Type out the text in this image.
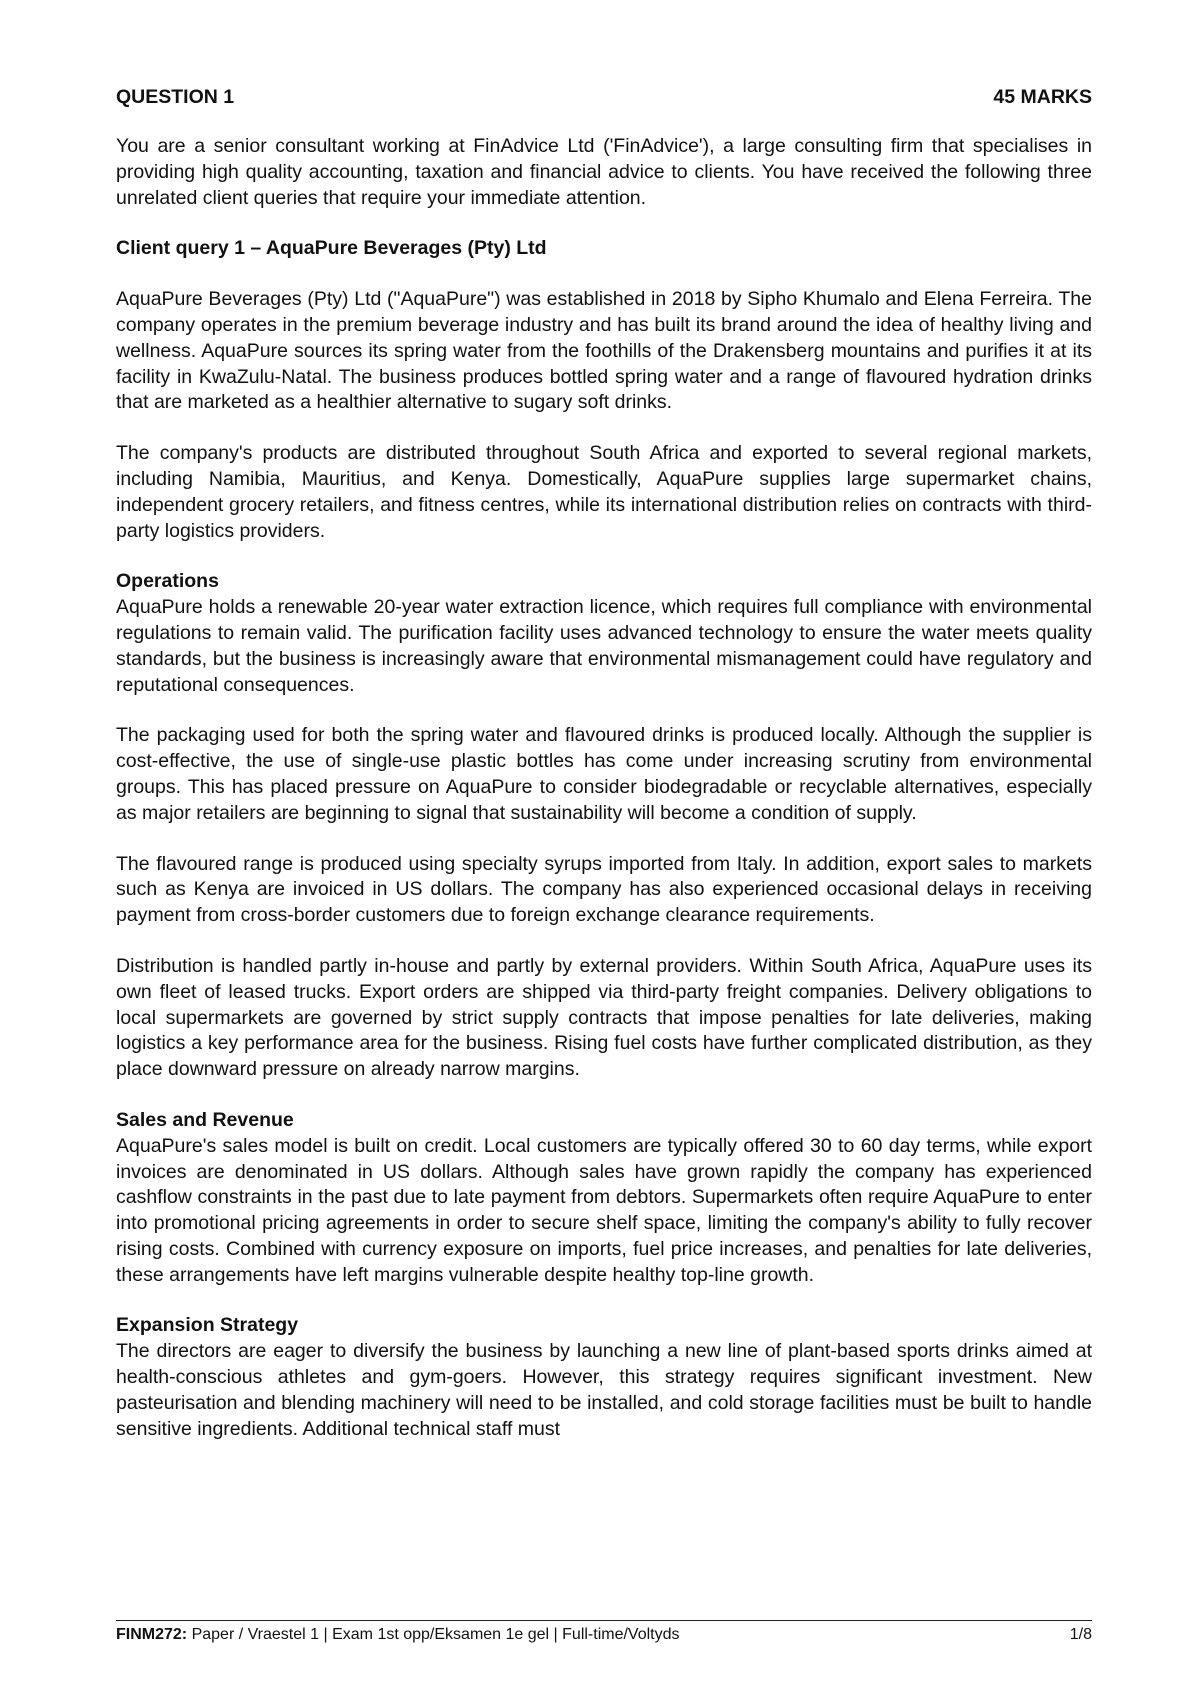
QUESTION 1	45 MARKS

You are a senior consultant working at FinAdvice Ltd ('FinAdvice'), a large consulting firm that specialises in providing high quality accounting, taxation and financial advice to clients. You have received the following three unrelated client queries that require your immediate attention.

Client query 1 – AquaPure Beverages (Pty) Ltd

AquaPure Beverages (Pty) Ltd ("AquaPure") was established in 2018 by Sipho Khumalo and Elena Ferreira. The company operates in the premium beverage industry and has built its brand around the idea of healthy living and wellness. AquaPure sources its spring water from the foothills of the Drakensberg mountains and purifies it at its facility in KwaZulu-Natal. The business produces bottled spring water and a range of flavoured hydration drinks that are marketed as a healthier alternative to sugary soft drinks.

The company's products are distributed throughout South Africa and exported to several regional markets, including Namibia, Mauritius, and Kenya. Domestically, AquaPure supplies large supermarket chains, independent grocery retailers, and fitness centres, while its international distribution relies on contracts with third-party logistics providers.

Operations

AquaPure holds a renewable 20-year water extraction licence, which requires full compliance with environmental regulations to remain valid. The purification facility uses advanced technology to ensure the water meets quality standards, but the business is increasingly aware that environmental mismanagement could have regulatory and reputational consequences.

The packaging used for both the spring water and flavoured drinks is produced locally. Although the supplier is cost-effective, the use of single-use plastic bottles has come under increasing scrutiny from environmental groups. This has placed pressure on AquaPure to consider biodegradable or recyclable alternatives, especially as major retailers are beginning to signal that sustainability will become a condition of supply.

The flavoured range is produced using specialty syrups imported from Italy. In addition, export sales to markets such as Kenya are invoiced in US dollars. The company has also experienced occasional delays in receiving payment from cross-border customers due to foreign exchange clearance requirements.

Distribution is handled partly in-house and partly by external providers. Within South Africa, AquaPure uses its own fleet of leased trucks. Export orders are shipped via third-party freight companies. Delivery obligations to local supermarkets are governed by strict supply contracts that impose penalties for late deliveries, making logistics a key performance area for the business. Rising fuel costs have further complicated distribution, as they place downward pressure on already narrow margins.

Sales and Revenue

AquaPure's sales model is built on credit. Local customers are typically offered 30 to 60 day terms, while export invoices are denominated in US dollars. Although sales have grown rapidly the company has experienced cashflow constraints in the past due to late payment from debtors. Supermarkets often require AquaPure to enter into promotional pricing agreements in order to secure shelf space, limiting the company's ability to fully recover rising costs. Combined with currency exposure on imports, fuel price increases, and penalties for late deliveries, these arrangements have left margins vulnerable despite healthy top-line growth.

Expansion Strategy

The directors are eager to diversify the business by launching a new line of plant-based sports drinks aimed at health-conscious athletes and gym-goers. However, this strategy requires significant investment. New pasteurisation and blending machinery will need to be installed, and cold storage facilities must be built to handle sensitive ingredients. Additional technical staff must

FINM272: Paper / Vraestel 1 | Exam 1st opp/Eksamen 1e gel | Full-time/Voltyds	1/8
